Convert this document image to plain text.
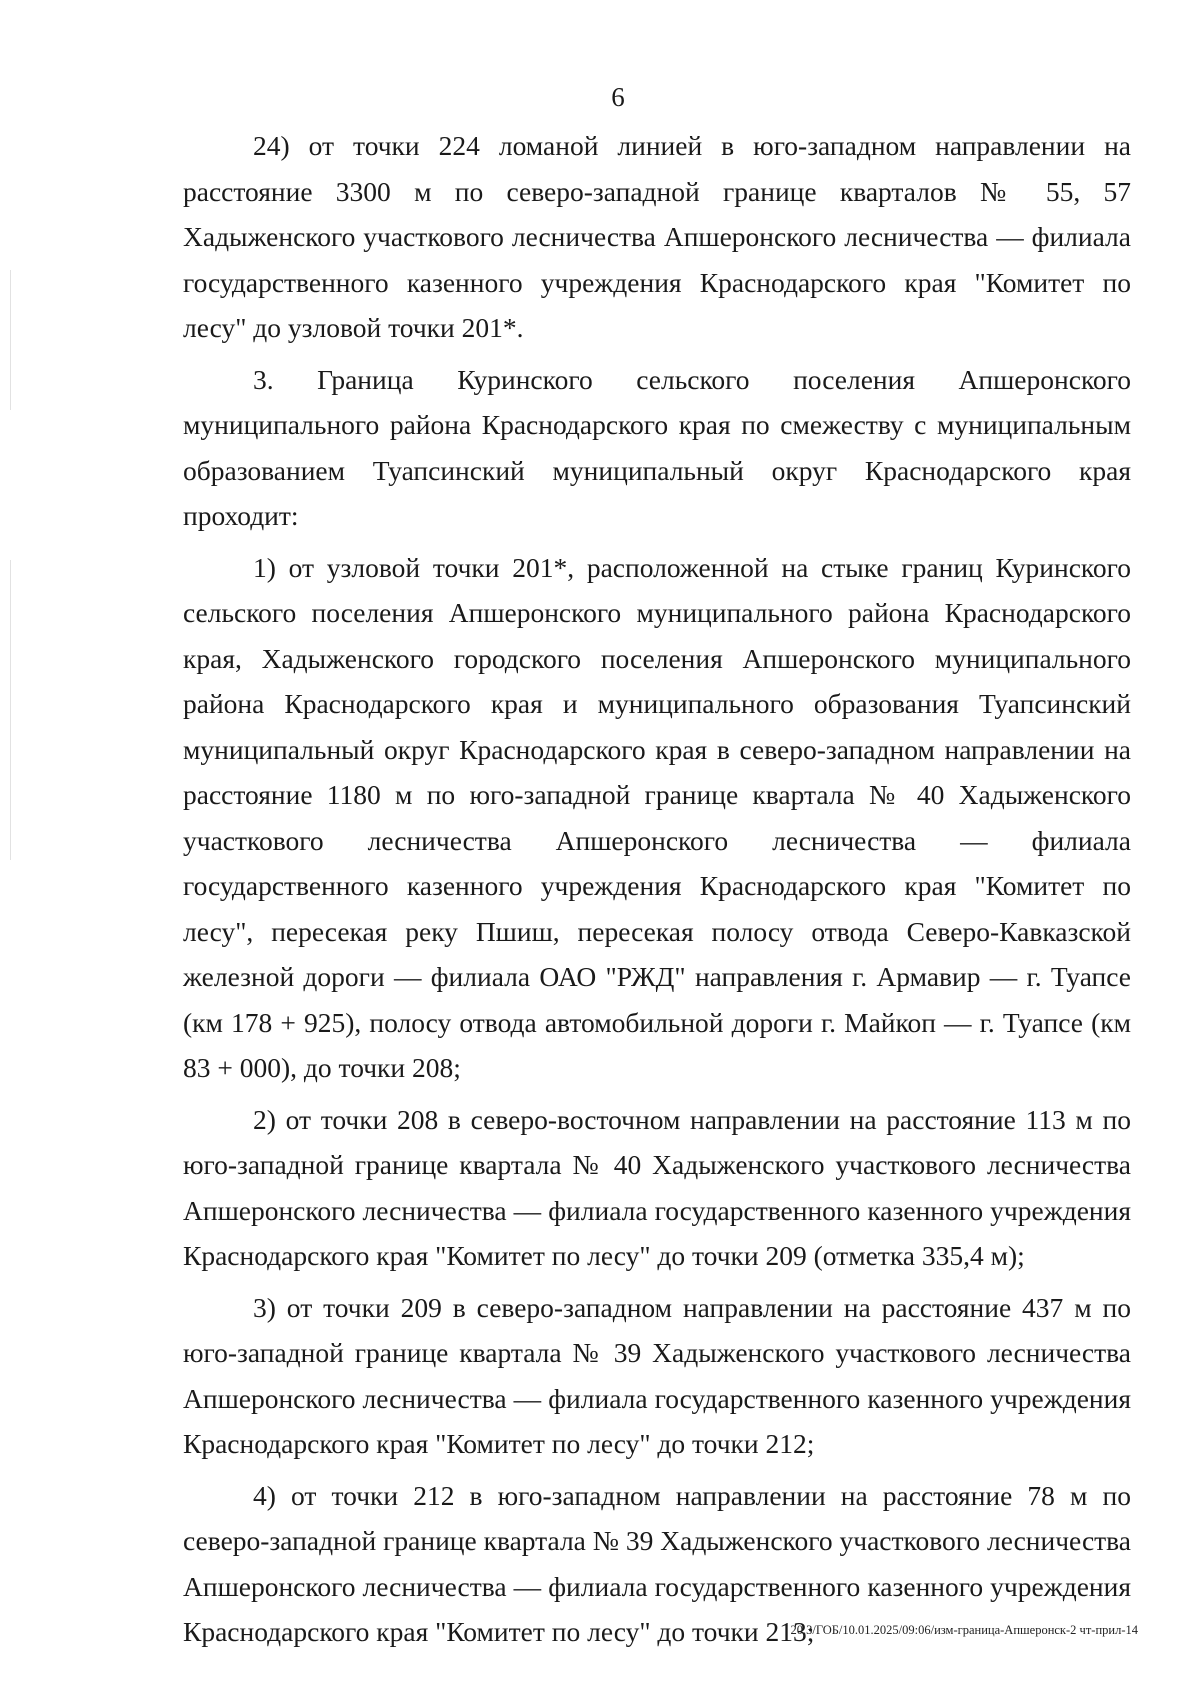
6

24) от точки 224 ломаной линией в юго-западном направлении на расстояние 3300 м по северо-западной границе кварталов № 55, 57 Хадыженского участкового лесничества Апшеронского лесничества — филиала государственного казенного учреждения Краснодарского края "Комитет по лесу" до узловой точки 201*.

3. Граница Куринского сельского поселения Апшеронского муниципального района Краснодарского края по смежеству с муниципальным образованием Туапсинский муниципальный округ Краснодарского края проходит:

1) от узловой точки 201*, расположенной на стыке границ Куринского сельского поселения Апшеронского муниципального района Краснодарского края, Хадыженского городского поселения Апшеронского муниципального района Краснодарского края и муниципального образования Туапсинский муниципальный округ Краснодарского края в северо-западном направлении на расстояние 1180 м по юго-западной границе квартала № 40 Хадыженского участкового лесничества Апшеронского лесничества — филиала государственного казенного учреждения Краснодарского края "Комитет по лесу", пересекая реку Пшиш, пересекая полосу отвода Северо-Кавказской железной дороги — филиала ОАО "РЖД" направления г. Армавир — г. Туапсе (км 178 + 925), полосу отвода автомобильной дороги г. Майкоп — г. Туапсе (км 83 + 000), до точки 208;

2) от точки 208 в северо-восточном направлении на расстояние 113 м по юго-западной границе квартала № 40 Хадыженского участкового лесничества Апшеронского лесничества — филиала государственного казенного учреждения Краснодарского края "Комитет по лесу" до точки 209 (отметка 335,4 м);

3) от точки 209 в северо-западном направлении на расстояние 437 м по юго-западной границе квартала № 39 Хадыженского участкового лесничества Апшеронского лесничества — филиала государственного казенного учреждения Краснодарского края "Комитет по лесу" до точки 212;

4) от точки 212 в юго-западном направлении на расстояние 78 м по северо-западной границе квартала № 39 Хадыженского участкового лесничества Апшеронского лесничества — филиала государственного казенного учреждения Краснодарского края "Комитет по лесу" до точки 213;

20.3/ГОБ/10.01.2025/09:06/изм-граница-Апшеронск-2 чт-прил-14
